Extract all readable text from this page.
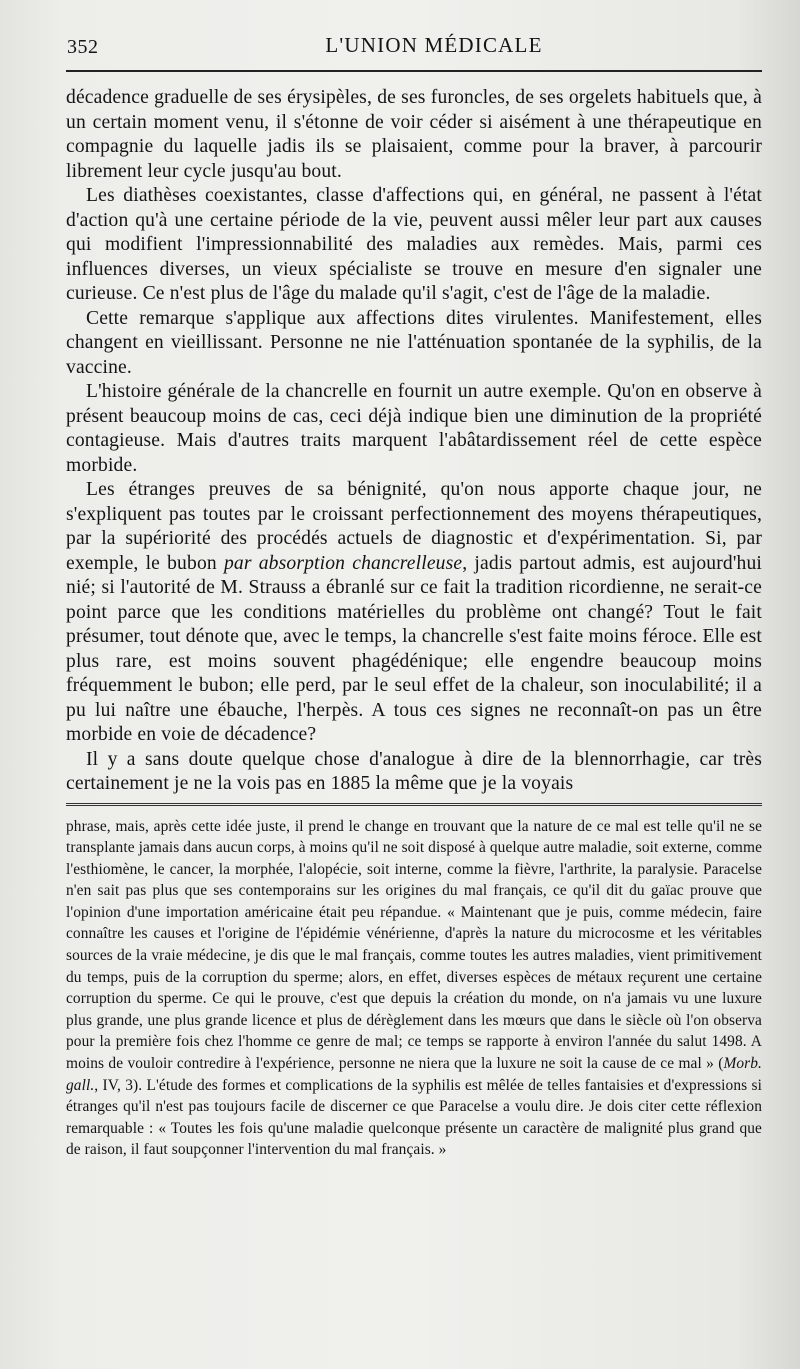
352	L'UNION MÉDICALE

décadence graduelle de ses érysipèles, de ses furoncles, de ses orgelets habituels que, à un certain moment venu, il s'étonne de voir céder si aisément à une thérapeutique en compagnie du laquelle jadis ils se plaisaient, comme pour la braver, à parcourir librement leur cycle jusqu'au bout.

Les diathèses coexistantes, classe d'affections qui, en général, ne passent à l'état d'action qu'à une certaine période de la vie, peuvent aussi mêler leur part aux causes qui modifient l'impressionnabilité des maladies aux remèdes. Mais, parmi ces influences diverses, un vieux spécialiste se trouve en mesure d'en signaler une curieuse. Ce n'est plus de l'âge du malade qu'il s'agit, c'est de l'âge de la maladie.

Cette remarque s'applique aux affections dites virulentes. Manifestement, elles changent en vieillissant. Personne ne nie l'atténuation spontanée de la syphilis, de la vaccine.

L'histoire générale de la chancrelle en fournit un autre exemple. Qu'on en observe à présent beaucoup moins de cas, ceci déjà indique bien une diminution de la propriété contagieuse. Mais d'autres traits marquent l'abâtardissement réel de cette espèce morbide.

Les étranges preuves de sa bénignité, qu'on nous apporte chaque jour, ne s'expliquent pas toutes par le croissant perfectionnement des moyens thérapeutiques, par la supériorité des procédés actuels de diagnostic et d'expérimentation. Si, par exemple, le bubon par absorption chancrelleuse, jadis partout admis, est aujourd'hui nié; si l'autorité de M. Strauss a ébranlé sur ce fait la tradition ricordienne, ne serait-ce point parce que les conditions matérielles du problème ont changé? Tout le fait présumer, tout dénote que, avec le temps, la chancrelle s'est faite moins féroce. Elle est plus rare, est moins souvent phagédénique; elle engendre beaucoup moins fréquemment le bubon; elle perd, par le seul effet de la chaleur, son inoculabilité; il a pu lui naître une ébauche, l'herpès. A tous ces signes ne reconnaît-on pas un être morbide en voie de décadence?

Il y a sans doute quelque chose d'analogue à dire de la blennorrhagie, car très certainement je ne la vois pas en 1885 la même que je la voyais

phrase, mais, après cette idée juste, il prend le change en trouvant que la nature de ce mal est telle qu'il ne se transplante jamais dans aucun corps, à moins qu'il ne soit disposé à quelque autre maladie, soit externe, comme l'esthiomène, le cancer, la morphée, l'alopécie, soit interne, comme la fièvre, l'arthrite, la paralysie. Paracelse n'en sait pas plus que ses contemporains sur les origines du mal français, ce qu'il dit du gaïac prouve que l'opinion d'une importation américaine était peu répandue. « Maintenant que je puis, comme médecin, faire connaître les causes et l'origine de l'épidémie vénérienne, d'après la nature du microcosme et les véritables sources de la vraie médecine, je dis que le mal français, comme toutes les autres maladies, vient primitivement du temps, puis de la corruption du sperme; alors, en effet, diverses espèces de métaux reçurent une certaine corruption du sperme. Ce qui le prouve, c'est que depuis la création du monde, on n'a jamais vu une luxure plus grande, une plus grande licence et plus de dérèglement dans les mœurs que dans le siècle où l'on observa pour la première fois chez l'homme ce genre de mal; ce temps se rapporte à environ l'année du salut 1498. A moins de vouloir contredire à l'expérience, personne ne niera que la luxure ne soit la cause de ce mal » (Morb. gall., IV, 3). L'étude des formes et complications de la syphilis est mêlée de telles fantaisies et d'expressions si étranges qu'il n'est pas toujours facile de discerner ce que Paracelse a voulu dire. Je dois citer cette réflexion remarquable : « Toutes les fois qu'une maladie quelconque présente un caractère de malignité plus grand que de raison, il faut soupçonner l'intervention du mal français. »
